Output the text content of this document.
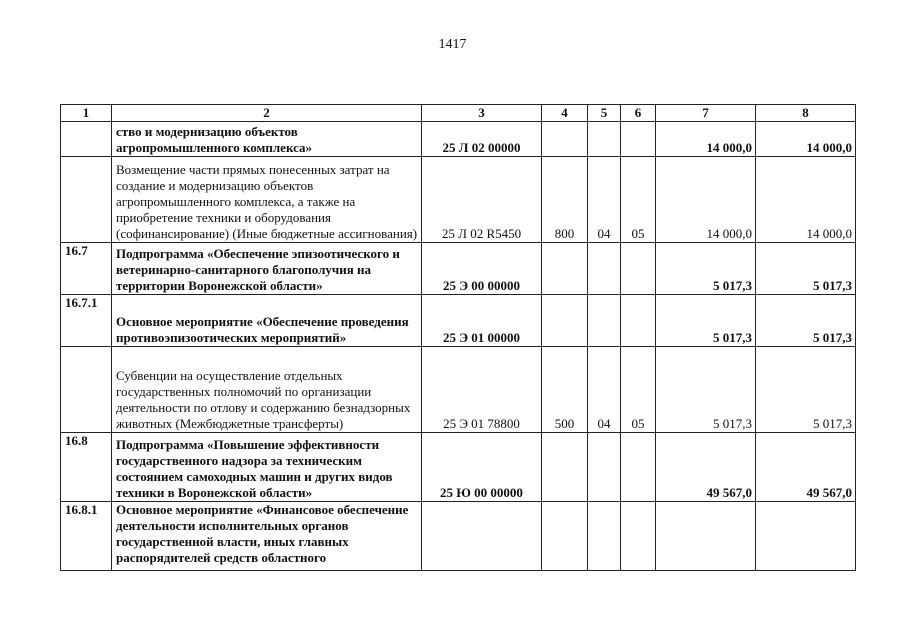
1417
1	2	3	4	5	6	7	8
	ство и модернизацию объектов агропромышленного комплекса»	25 Л 02 00000				14 000,0	14 000,0
	Возмещение части прямых понесенных затрат на создание и модернизацию объектов агропромышленного комплекса, а также на приобретение техники и оборудования (софинансирование) (Иные бюджетные ассигнования)	25 Л 02 R5450	800	04	05	14 000,0	14 000,0
16.7	Подпрограмма «Обеспечение эпизоотического и ветеринарно-санитарного благополучия на территории Воронежской области»	25 Э 00 00000				5 017,3	5 017,3
16.7.1	Основное мероприятие «Обеспечение проведения противоэпизоотических мероприятий»	25 Э 01 00000				5 017,3	5 017,3
	Субвенции на осуществление отдельных государственных полномочий по организации деятельности по отлову и содержанию безнадзорных животных (Межбюджетные трансферты)	25 Э 01 78800	500	04	05	5 017,3	5 017,3
16.8	Подпрограмма «Повышение эффективности государственного надзора за техническим состоянием самоходных машин и других видов техники в Воронежской области»	25 Ю 00 00000				49 567,0	49 567,0
16.8.1	Основное мероприятие «Финансовое обеспечение деятельности исполнительных органов государственной власти, иных главных распорядителей средств областного						
